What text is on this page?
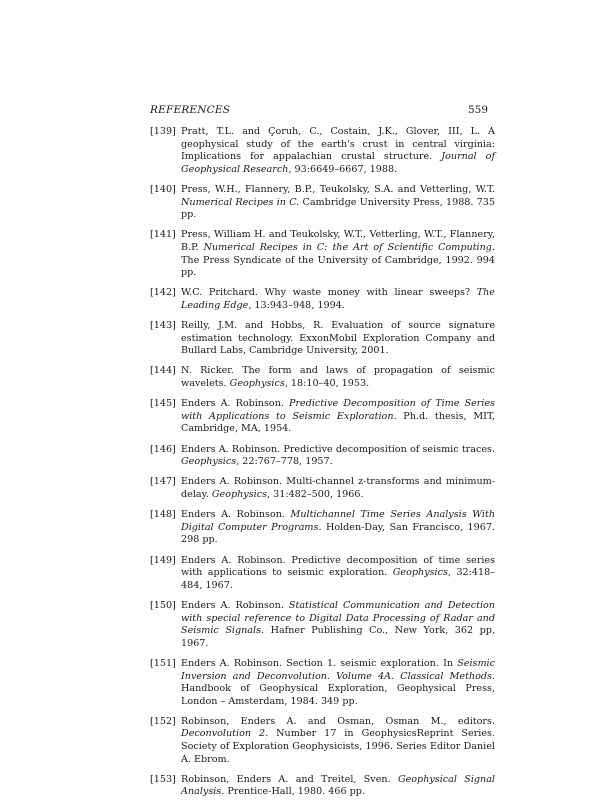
REFERENCES	559
[139] Pratt, T.L. and Çoruh, C., Costain, J.K., Glover, III, L. A geophysical study of the earth's crust in central virginia: Implications for appalachian crustal structure. Journal of Geophysical Research, 93:6649–6667, 1988.
[140] Press, W.H., Flannery, B.P., Teukolsky, S.A. and Vetterling, W.T. Numerical Recipes in C. Cambridge University Press, 1988. 735 pp.
[141] Press, William H. and Teukolsky, W.T., Vetterling, W.T., Flannery, B.P. Numerical Recipes in C: the Art of Scientific Computing. The Press Syndicate of the University of Cambridge, 1992. 994 pp.
[142] W.C. Pritchard. Why waste money with linear sweeps? The Leading Edge, 13:943–948, 1994.
[143] Reilly, J.M. and Hobbs, R. Evaluation of source signature estimation technology. ExxonMobil Exploration Company and Bullard Labs, Cambridge University, 2001.
[144] N. Ricker. The form and laws of propagation of seismic wavelets. Geophysics, 18:10–40, 1953.
[145] Enders A. Robinson. Predictive Decomposition of Time Series with Applications to Seismic Exploration. Ph.d. thesis, MIT, Cambridge, MA, 1954.
[146] Enders A. Robinson. Predictive decomposition of seismic traces. Geophysics, 22:767–778, 1957.
[147] Enders A. Robinson. Multi-channel z-transforms and minimum-delay. Geophysics, 31:482–500, 1966.
[148] Enders A. Robinson. Multichannel Time Series Analysis With Digital Computer Programs. Holden-Day, San Francisco, 1967. 298 pp.
[149] Enders A. Robinson. Predictive decomposition of time series with applications to seismic exploration. Geophysics, 32:418–484, 1967.
[150] Enders A. Robinson. Statistical Communication and Detection with special reference to Digital Data Processing of Radar and Seismic Signals. Hafner Publishing Co., New York, 362 pp, 1967.
[151] Enders A. Robinson. Section 1. seismic exploration. In Seismic Inversion and Deconvolution. Volume 4A. Classical Methods. Handbook of Geophysical Exploration, Geophysical Press, London – Amsterdam, 1984. 349 pp.
[152] Robinson, Enders A. and Osman, Osman M., editors. Deconvolution 2. Number 17 in GeophysicsReprint Series. Society of Exploration Geophysicists, 1996. Series Editor Daniel A. Ebrom.
[153] Robinson, Enders A. and Treitel, Sven. Geophysical Signal Analysis. Prentice-Hall, 1980. 466 pp.
